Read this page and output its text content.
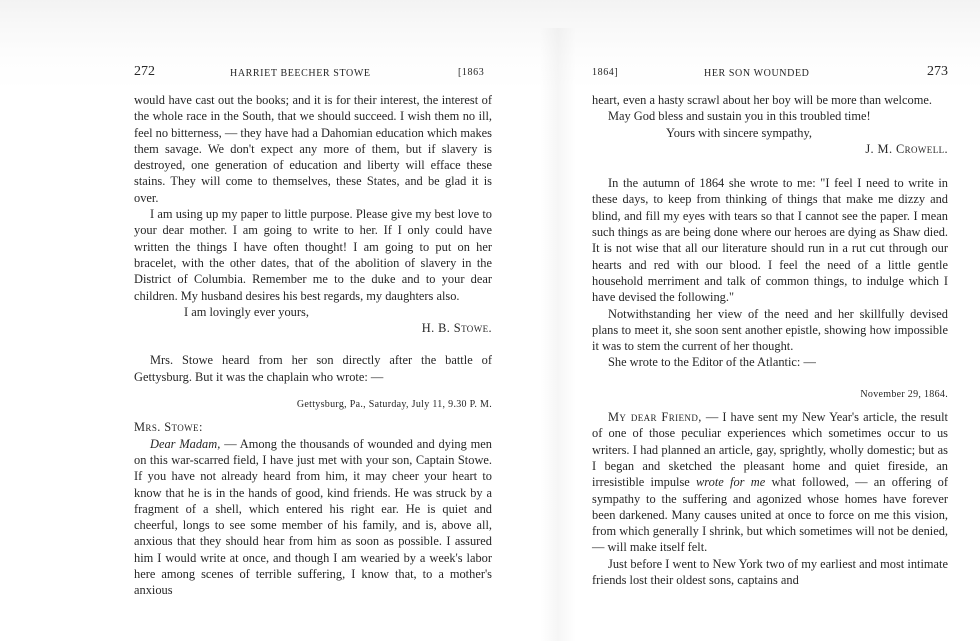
272	HARRIET BEECHER STOWE	[1863

would have cast out the books; and it is for their interest, the interest of the whole race in the South, that we should succeed. I wish them no ill, feel no bitterness, — they have had a Dahomian education which makes them savage. We don't expect any more of them, but if slavery is destroyed, one generation of education and liberty will efface these stains. They will come to themselves, these States, and be glad it is over.

I am using up my paper to little purpose. Please give my best love to your dear mother. I am going to write to her. If I only could have written the things I have often thought! I am going to put on her bracelet, with the other dates, that of the abolition of slavery in the District of Columbia. Remember me to the duke and to your dear children. My husband desires his best regards, my daughters also.

I am lovingly ever yours,

H. B. Stowe.

Mrs. Stowe heard from her son directly after the battle of Gettysburg. But it was the chaplain who wrote: —

Gettysburg, Pa., Saturday, July 11, 9.30 P. M.

Mrs. Stowe:

Dear Madam, — Among the thousands of wounded and dying men on this war-scarred field, I have just met with your son, Captain Stowe. If you have not already heard from him, it may cheer your heart to know that he is in the hands of good, kind friends. He was struck by a fragment of a shell, which entered his right ear. He is quiet and cheerful, longs to see some member of his family, and is, above all, anxious that they should hear from him as soon as possible. I assured him I would write at once, and though I am wearied by a week's labor here among scenes of terrible suffering, I know that, to a mother's anxious

1864]	HER SON WOUNDED	273

heart, even a hasty scrawl about her boy will be more than welcome.

May God bless and sustain you in this troubled time!

Yours with sincere sympathy,

J. M. Crowell.

In the autumn of 1864 she wrote to me: "I feel I need to write in these days, to keep from thinking of things that make me dizzy and blind, and fill my eyes with tears so that I cannot see the paper. I mean such things as are being done where our heroes are dying as Shaw died. It is not wise that all our literature should run in a rut cut through our hearts and red with our blood. I feel the need of a little gentle household merriment and talk of common things, to indulge which I have devised the following."

Notwithstanding her view of the need and her skillfully devised plans to meet it, she soon sent another epistle, showing how impossible it was to stem the current of her thought.

She wrote to the Editor of the Atlantic: —

November 29, 1864.

My dear Friend, — I have sent my New Year's article, the result of one of those peculiar experiences which sometimes occur to us writers. I had planned an article, gay, sprightly, wholly domestic; but as I began and sketched the pleasant home and quiet fireside, an irresistible impulse wrote for me what followed, — an offering of sympathy to the suffering and agonized whose homes have forever been darkened. Many causes united at once to force on me this vision, from which generally I shrink, but which sometimes will not be denied, — will make itself felt.

Just before I went to New York two of my earliest and most intimate friends lost their oldest sons, captains and
